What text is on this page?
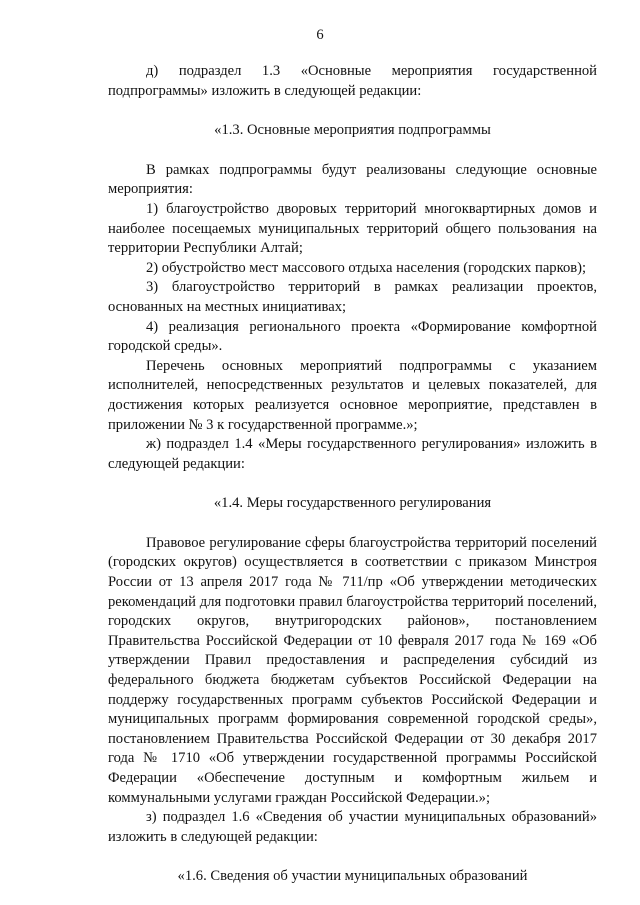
6

д) подраздел 1.3 «Основные мероприятия государственной подпрограммы» изложить в следующей редакции:

«1.3. Основные мероприятия подпрограммы

В рамках подпрограммы будут реализованы следующие основные мероприятия:

1) благоустройство дворовых территорий многоквартирных домов и наиболее посещаемых муниципальных территорий общего пользования на территории Республики Алтай;

2) обустройство мест массового отдыха населения (городских парков);

3) благоустройство территорий в рамках реализации проектов, основанных на местных инициативах;

4) реализация регионального проекта «Формирование комфортной городской среды».

Перечень основных мероприятий подпрограммы с указанием исполнителей, непосредственных результатов и целевых показателей, для достижения которых реализуется основное мероприятие, представлен в приложении № 3 к государственной программе.»;

ж) подраздел 1.4 «Меры государственного регулирования» изложить в следующей редакции:

«1.4. Меры государственного регулирования

Правовое регулирование сферы благоустройства территорий поселений (городских округов) осуществляется в соответствии с приказом Минстроя России от 13 апреля 2017 года № 711/пр «Об утверждении методических рекомендаций для подготовки правил благоустройства территорий поселений, городских округов, внутригородских районов», постановлением Правительства Российской Федерации от 10 февраля 2017 года № 169 «Об утверждении Правил предоставления и распределения субсидий из федерального бюджета бюджетам субъектов Российской Федерации на поддержу государственных программ субъектов Российской Федерации и муниципальных программ формирования современной городской среды», постановлением Правительства Российской Федерации от 30 декабря 2017 года № 1710 «Об утверждении государственной программы Российской Федерации «Обеспечение доступным и комфортным жильем и коммунальными услугами граждан Российской Федерации.»;

з) подраздел 1.6 «Сведения об участии муниципальных образований» изложить в следующей редакции:

«1.6. Сведения об участии муниципальных образований
